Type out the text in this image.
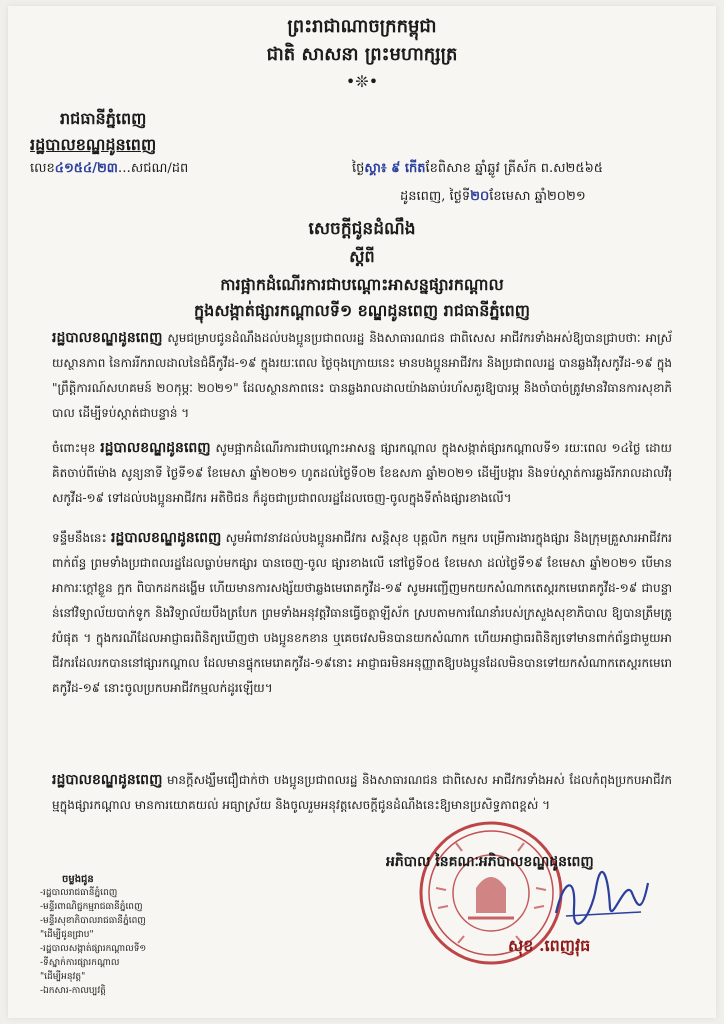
ព្រះរាជាណាចក្រកម្ពុជា
ជាតិ សាសនា ព្រះមហាក្សត្រ
•❊•
រាជធានីភ្នំពេញ
រដ្ឋបាលខណ្ឌដូនពេញ
លេខ៤១៥៤/២៣…សជណ/ដព	ថ្ងៃស្គា៖ ៩ កើតខែពិសាខ ឆ្នាំឆ្លូវ ត្រីស័ក ព.ស២៥៦៥
ដូនពេញ, ថ្ងៃទី២០ខែមេសា ឆ្នាំ២០២១
សេចក្តីជូនដំណឹង
ស្តីពី
ការផ្អាកដំណើរការជាបណ្តោះអាសន្នផ្សារកណ្តាល
ក្នុងសង្កាត់ផ្សារកណ្តាលទី១ ខណ្ឌដូនពេញ រាជធានីភ្នំពេញ
រដ្ឋបាលខណ្ឌដូនពេញ សូមជម្រាបជូនដំណឹងដល់បងប្អូនប្រជាពលរដ្ឋ និងសាធារណជន ជាពិសេស អាជីវករទាំងអស់ឱ្យបានជ្រាបថាៈ អាស្រ័យស្ថានភាព នៃការរីករាលដាលនៃជំងឺកូវីដ-១៩ ក្នុងរយៈពេល ថ្ងៃចុងក្រោយនេះ មានបងប្អូនអាជីវករ និងប្រជាពលរដ្ឋ បានឆ្លងវីរុសកូវីដ-១៩ ក្នុង "ព្រឹត្តិការណ៍សហគមន៍ ២០កុម្ភៈ ២០២១" ដែលស្ថានភាពនេះ បានឆ្លងរាលដាលយ៉ាងឆាប់រហ័សគួរឱ្យបារម្ភ និងចាំបាច់ត្រូវមានវិធានការសុខាភិបាល ដើម្បីទប់ស្កាត់ជាបន្ទាន់ ។
ចំពោះមុខ រដ្ឋបាលខណ្ឌដូនពេញ សូមផ្អាកដំណើរការជាបណ្តោះអាសន្ន ផ្សារកណ្តាល ក្នុងសង្កាត់ផ្សារកណ្តាលទី១ រយៈពេល ១៤ថ្ងៃ ដោយគិតចាប់ពីម៉ោង សូន្យនាទី ថ្ងៃទី១៩ ខែមេសា ឆ្នាំ២០២១ ហូតដល់ថ្ងៃទី០២ ខែឧសភា ឆ្នាំ២០២១ ដើម្បីបង្ការ និងទប់ស្កាត់ការឆ្លងរីករាលដាលវីរុសកូវីដ-១៩ ទៅដល់បងប្អូនអាជីវករ អតិថិជន ក៏ដូចជាប្រជាពលរដ្ឋដែលចេញ-ចូលក្នុងទីតាំងផ្សារខាងលើ។
ទន្ទឹមនឹងនេះ រដ្ឋបាលខណ្ឌដូនពេញ សូមអំពាវនាវដល់បងប្អូនអាជីវករ សន្តិសុខ បុគ្គលិក កម្មករ បម្រើការងារក្នុងផ្សារ និងក្រុមគ្រួសារអាជីវករពាក់ព័ន្ធ ព្រមទាំងប្រជាពលរដ្ឋដែលធ្លាប់មកផ្សារ បានចេញ-ចូល ផ្សារខាងលើ នៅថ្ងៃទី០៥ ខែមេសា ដល់ថ្ងៃទី១៩ ខែមេសា ឆ្នាំ២០២១ បើមានអាការៈក្តៅខ្លួន ក្អក ពិបាកដកដង្ហើម ហើយមានការសង្ស័យថាឆ្លងមេរោគកូវីដ-១៩ សូមអញ្ជើញមកយកសំណាកតេស្តរកមេរោគកូវីដ-១៩ ជាបន្ទាន់នៅវិទ្យាល័យបាក់ទូក និងវិទ្យាល័យបឹងត្របែក ព្រមទាំងអនុវត្តវិធានធ្វើចត្តាឡីស័ក ស្របតាមការណែនាំរបស់ក្រសួងសុខាភិបាល ឱ្យបានត្រឹមត្រូវបំផុត ។ ក្នុងករណីដែលអាជ្ញាធរពិនិត្យឃើញថា បងប្អូនខកខាន ឬគេចវេសមិនបានយកសំណាក ហើយអាជ្ញាធរពិនិត្យទៅមានពាក់ព័ន្ធជាមួយអាជីវករដែលរកបាននៅផ្សារកណ្តាល ដែលមានផ្ទុកមេរោគកូវីដ-១៩នោះ អាជ្ញាធរមិនអនុញ្ញាតឱ្យបងប្អូនដែលមិនបានទៅយកសំណាកតេស្តរកមេរោគកូវីដ-១៩ នោះចូលប្រកបអាជីវកម្មលក់ដូរឡើយ។
រដ្ឋបាលខណ្ឌដូនពេញ មានក្តីសង្ឃឹមជឿជាក់ថា បងប្អូនប្រជាពលរដ្ឋ និងសាធារណជន ជាពិសេស អាជីវករទាំងអស់ ដែលកំពុងប្រកបអាជីវកម្មក្នុងផ្សារកណ្តាល មានការយោគយល់ អធ្យាស្រ័យ និងចូលរួមអនុវត្តសេចក្តីជូនដំណឹងនេះឱ្យមានប្រសិទ្ធភាពខ្ពស់ ។
អភិបាល នៃគណៈអភិបាលខណ្ឌដូនពេញ
សុខ .ពេញវុធ
ចម្លងជូន
-រដ្ឋបាលរាជធានីភ្នំពេញ
-មន្ទីរពាណិជ្ជកម្មរាជធានីភ្នំពេញ
-មន្ទីរសុខាភិបាលរាជធានីភ្នំពេញ
"ដើម្បីជូនជ្រាប"
-រដ្ឋបាលសង្កាត់ផ្សារកណ្តាលទី១
-ទីស្នាក់ការផ្សារកណ្តាល
"ដើម្បីអនុវត្ត"
-ឯកសារ-កាលប្បវត្តិ
